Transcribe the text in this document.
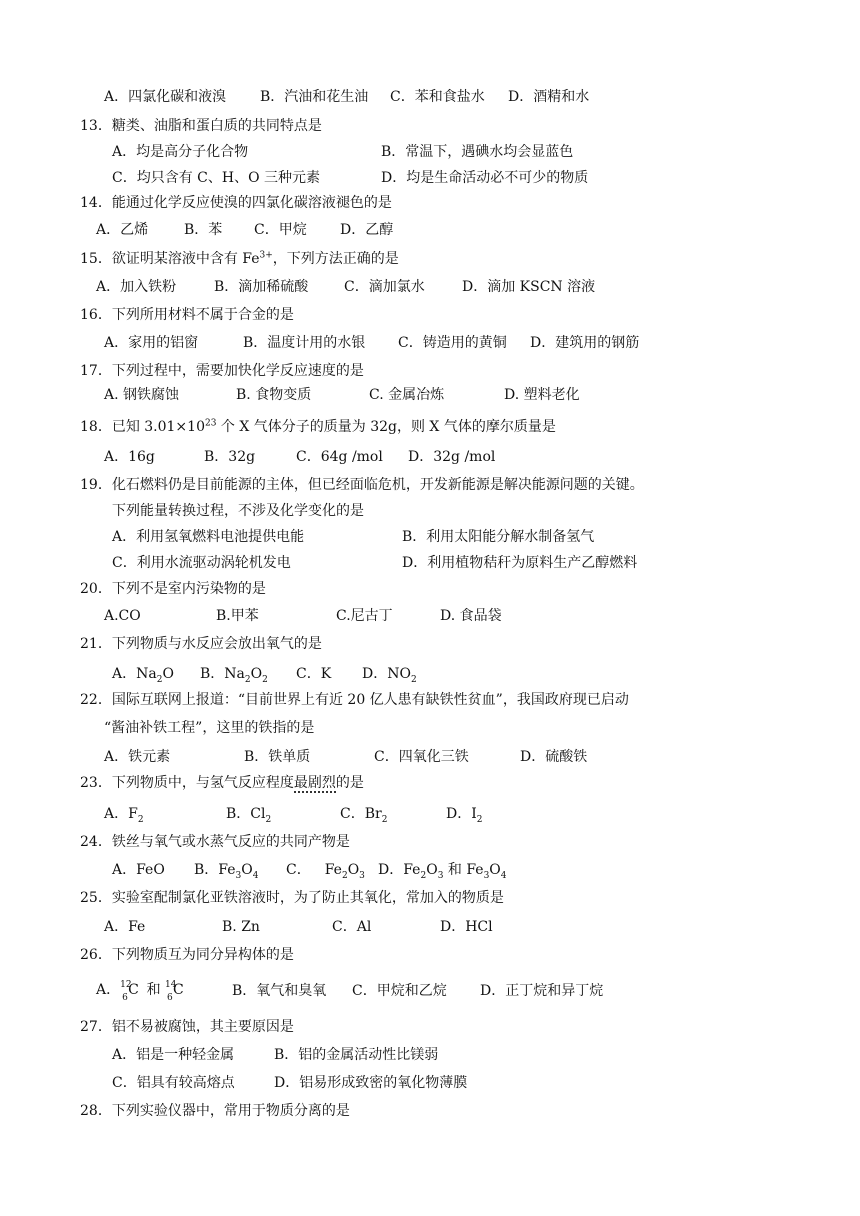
A．四氯化碳和液溴 B．汽油和花生油 C．苯和食盐水 D．酒精和水
13．糖类、油脂和蛋白质的共同特点是
A．均是高分子化合物	B．常温下，遇碘水均会显蓝色
C．均只含有 C、H、O 三种元素	D．均是生命活动必不可少的物质
14．能通过化学反应使溴的四氯化碳溶液褪色的是
A．乙烯	B．苯 C．甲烷 D．乙醇
15．欲证明某溶液中含有 $Fe^{3+}$，下列方法正确的是
A．加入铁粉	B．滴加稀硫酸	C．滴加氯水	D．滴加 KSCN 溶液
16．下列所用材料不属于合金的是
A．家用的铝窗	B．温度计用的水银 C．铸造用的黄铜 D．建筑用的钢筋
17．下列过程中，需要加快化学反应速度的是
A. 钢铁腐蚀	B. 食物变质	C. 金属冶炼	D. 塑料老化
18．已知 $3.01\times 10^{23}$ 个 X 气体分子的质量为 32g，则 X 气体的摩尔质量是
A．16g	B．32g	C．64g /mol D．32g /mol
19．化石燃料仍是目前能源的主体，但已经面临危机，开发新能源是解决能源问题的关键。
下列能量转换过程，不涉及化学变化的是
A．利用氢氧燃料电池提供电能	B．利用太阳能分解水制备氢气
C．利用水流驱动涡轮机发电	D．利用植物秸秆为原料生产乙醇燃料
20．下列不是室内污染物的是
A.CO	B.甲苯	C.尼古丁	D. 食品袋
21．下列物质与水反应会放出氧气的是
A．$Na_2O$ B．$Na_2O_2$ C．K D．$NO_2$
22．国际互联网上报道：“目前世界上有近 20 亿人患有缺铁性贫血”，我国政府现已启动
“酱油补铁工程”，这里的铁指的是
A．铁元素	B．铁单质	C．四氧化三铁	D．硫酸铁
23．下列物质中，与氢气反应程度最剧烈的是
A．$F_2$	B．$Cl_2$	C．$Br_2$	D．$I_2$
24．铁丝与氧气或水蒸气反应的共同产物是
A．FeO B．$Fe_3O_4$ C． $Fe_2O_3$ D．$Fe_2O_3$ 和 $Fe_3O_4$
25．实验室配制氯化亚铁溶液时，为了防止其氧化，常加入的物质是
A．Fe	B. Zn	C．Al	D．HCl
26．下列物质互为同分异构体的是
A． 12
6 C 和 14
6 C	B．氧气和臭氧 C．甲烷和乙烷 D．正丁烷和异丁烷
27．铝不易被腐蚀，其主要原因是
A．铝是一种轻金属	B．铝的金属活动性比镁弱
C．铝具有较高熔点	D．铝易形成致密的氧化物薄膜
28．下列实验仪器中，常用于物质分离的是
